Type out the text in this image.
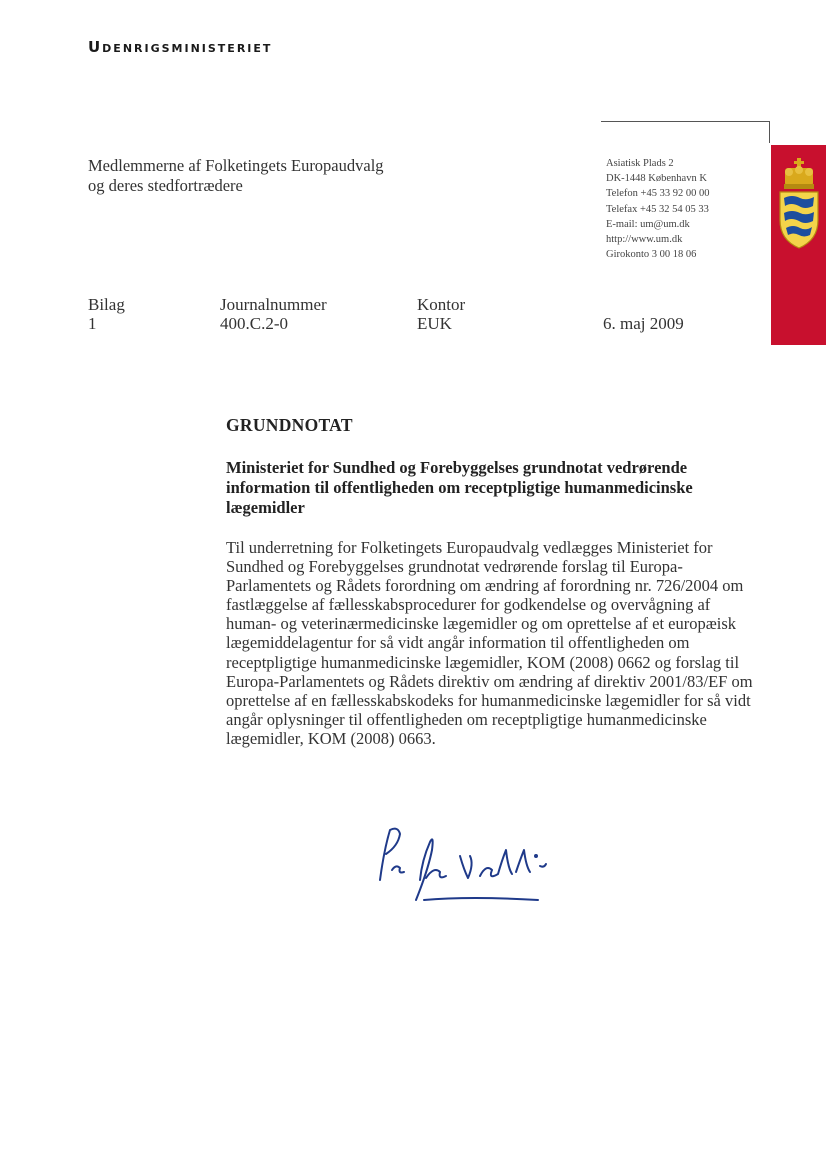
Udenrigsministeriet
Medlemmerne af Folketingets Europaudvalg
og deres stedfortrædere
Asiatisk Plads 2
DK-1448 København K
Telefon +45 33 92 00 00
Telefax +45 32 54 05 33
E-mail: um@um.dk
http://www.um.dk
Girokonto 3 00 18 06
Bilag
1
Journalnummer
400.C.2-0
Kontor
EUK	6. maj 2009
GRUNDNOTAT
Ministeriet for Sundhed og Forebyggelses grundnotat vedrørende information til offentligheden om receptpligtige humanmedicinske lægemidler
Til underretning for Folketingets Europaudvalg vedlægges Ministeriet for Sundhed og Forebyggelses grundnotat vedrørende forslag til Europa-Parlamentets og Rådets forordning om ændring af forordning nr. 726/2004 om fastlæggelse af fællesskabsprocedurer for godkendelse og overvågning af human- og veterinærmedicinske lægemidler og om oprettelse af et europæisk lægemiddelagentur for så vidt angår information til offentligheden om receptpligtige humanmedicinske lægemidler, KOM (2008) 0662 og forslag til Europa-Parlamentets og Rådets direktiv om ændring af direktiv 2001/83/EF om oprettelse af en fællesskabskodeks for humanmedicinske lægemidler for så vidt angår oplysninger til offentligheden om receptpligtige humanmedicinske lægemidler, KOM (2008) 0663.
